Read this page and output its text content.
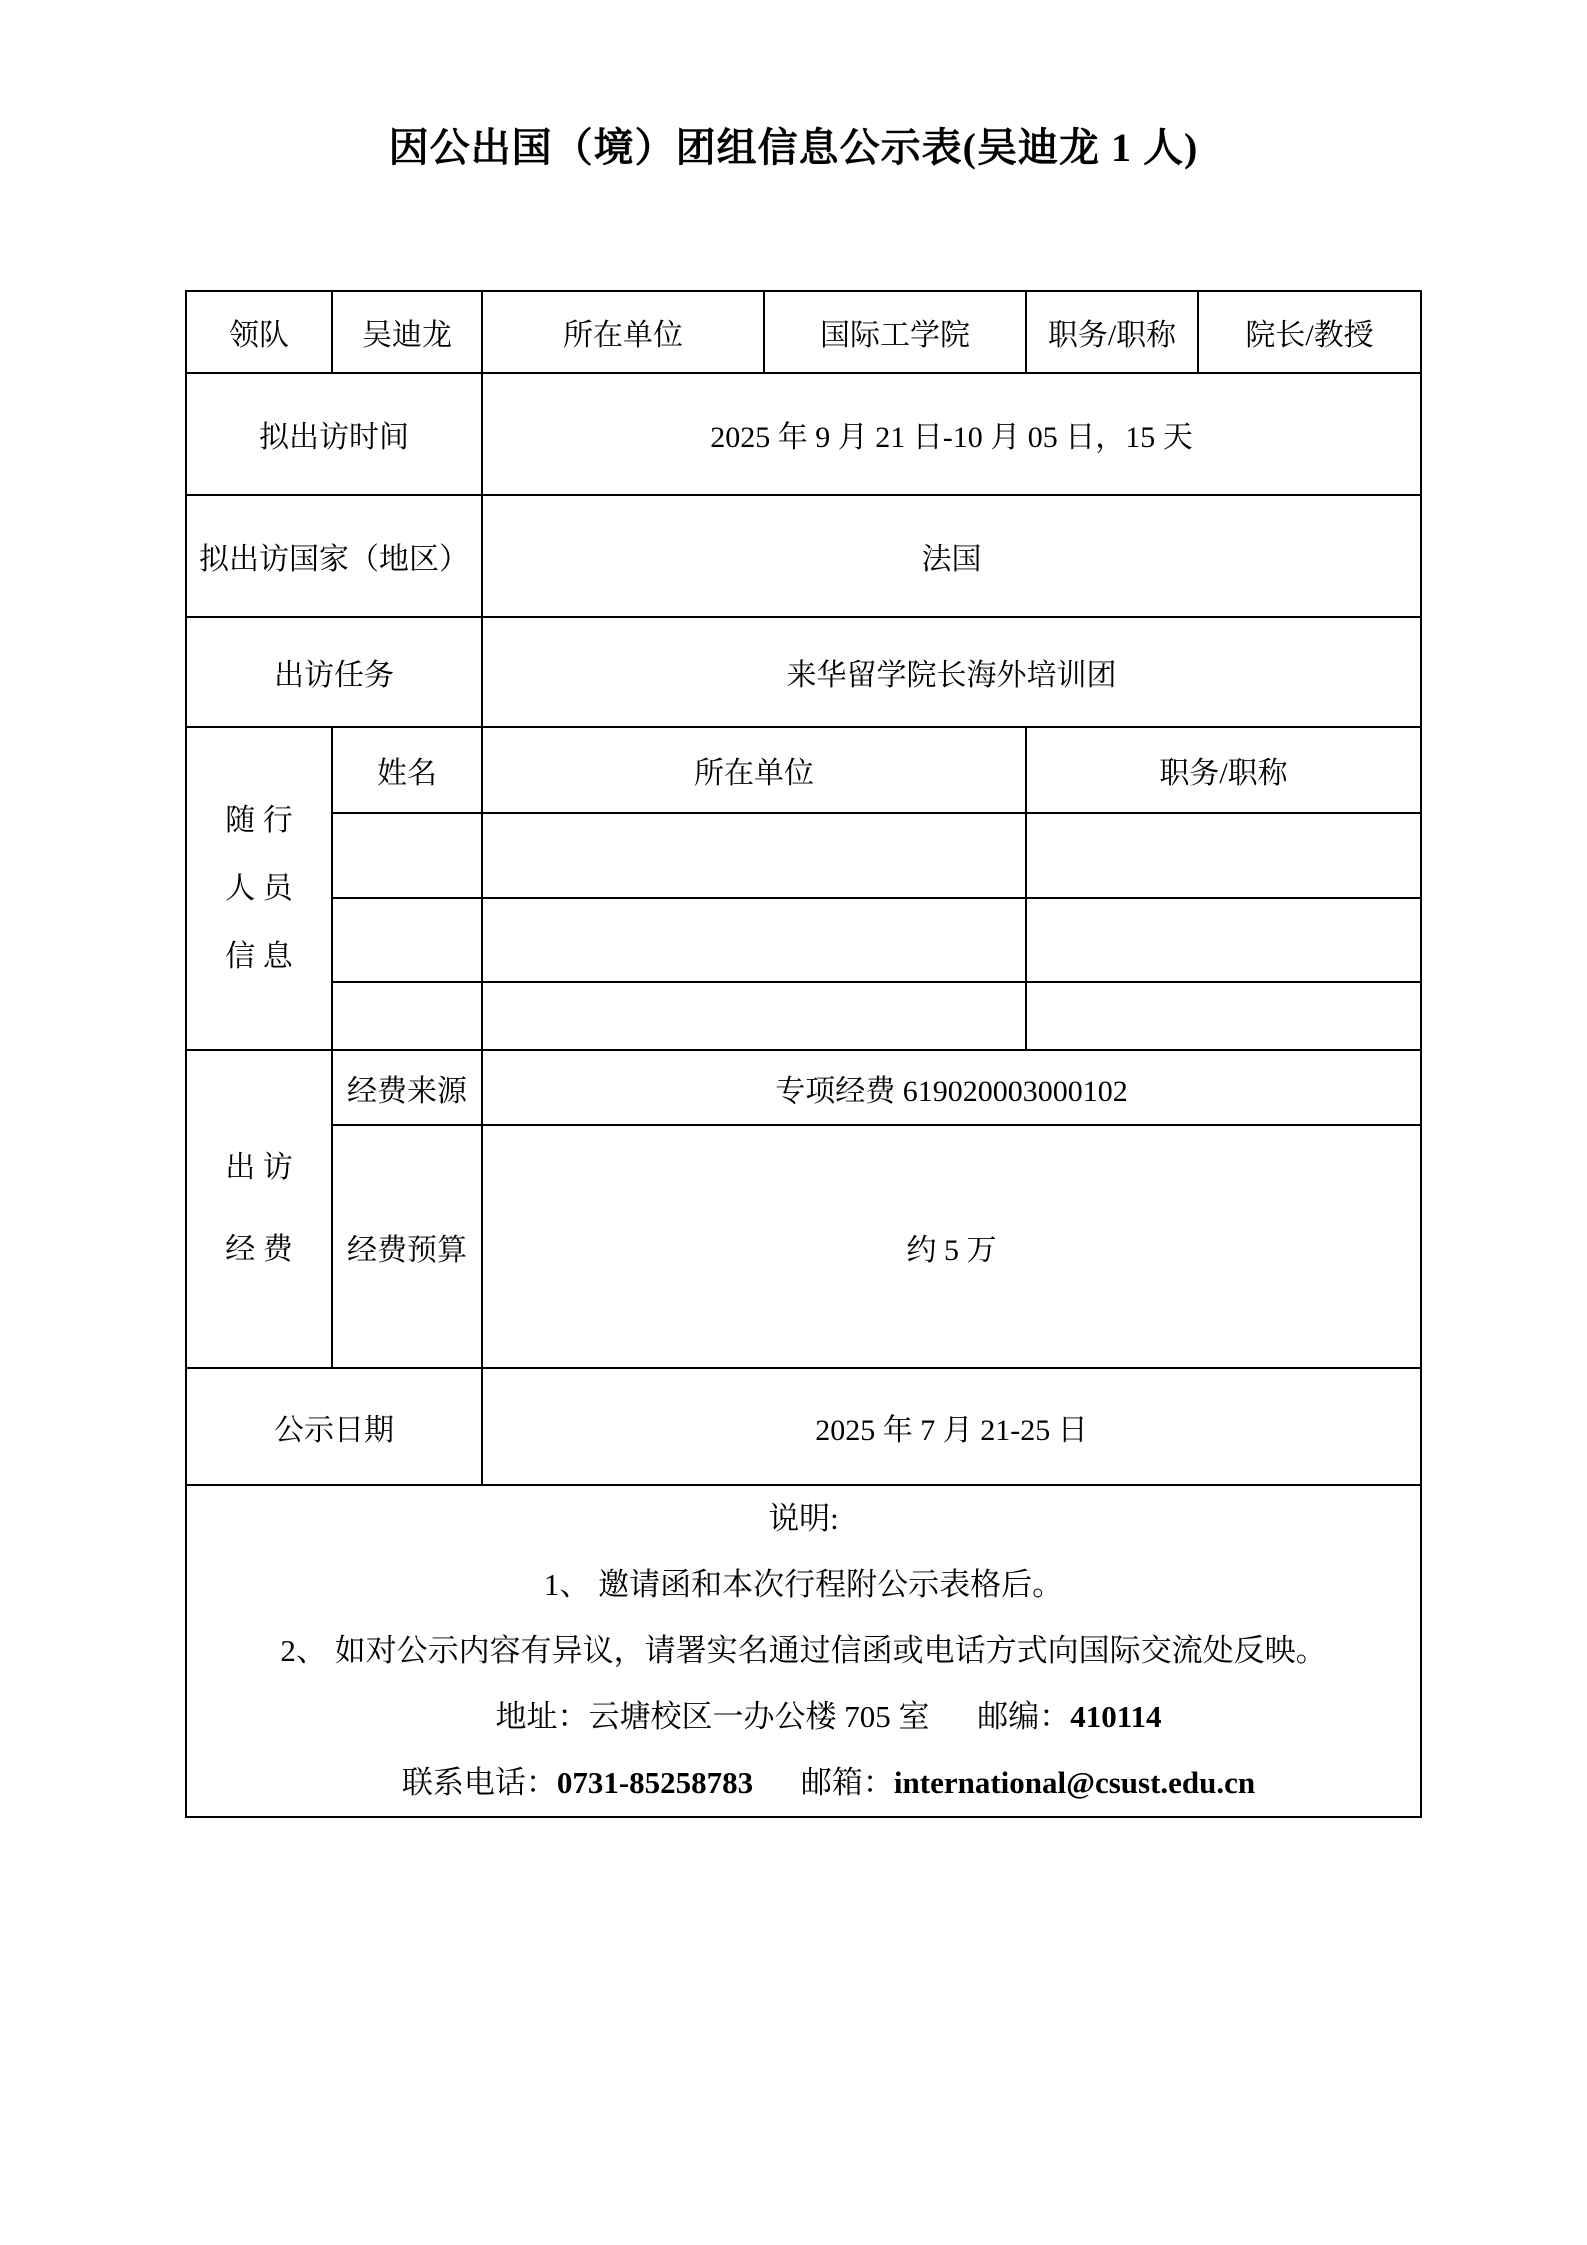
因公出国（境）团组信息公示表(吴迪龙 1 人)
领队	吴迪龙	所在单位	国际工学院	职务/职称	院长/教授
拟出访时间		2025 年 9 月 21 日-10 月 05 日，15 天			
拟出访国家（地区）		法国			
出访任务		来华留学院长海外培训团			

随 行
人 员
信 息	姓名	所在单位		职务/职称	

出 访
经 费	经费来源	专项经费 619020003000102			
	经费预算	约 5 万			
公示日期		2025 年 7 月 21-25 日			

说明:
1、 邀请函和本次行程附公示表格后。
2、 如对公示内容有异议，请署实名通过信函或电话方式向国际交流处反映。
地址：云塘校区一办公楼 705 室 邮编：410114
联系电话：0731-85258783 邮箱：international@csust.edu.cn					
